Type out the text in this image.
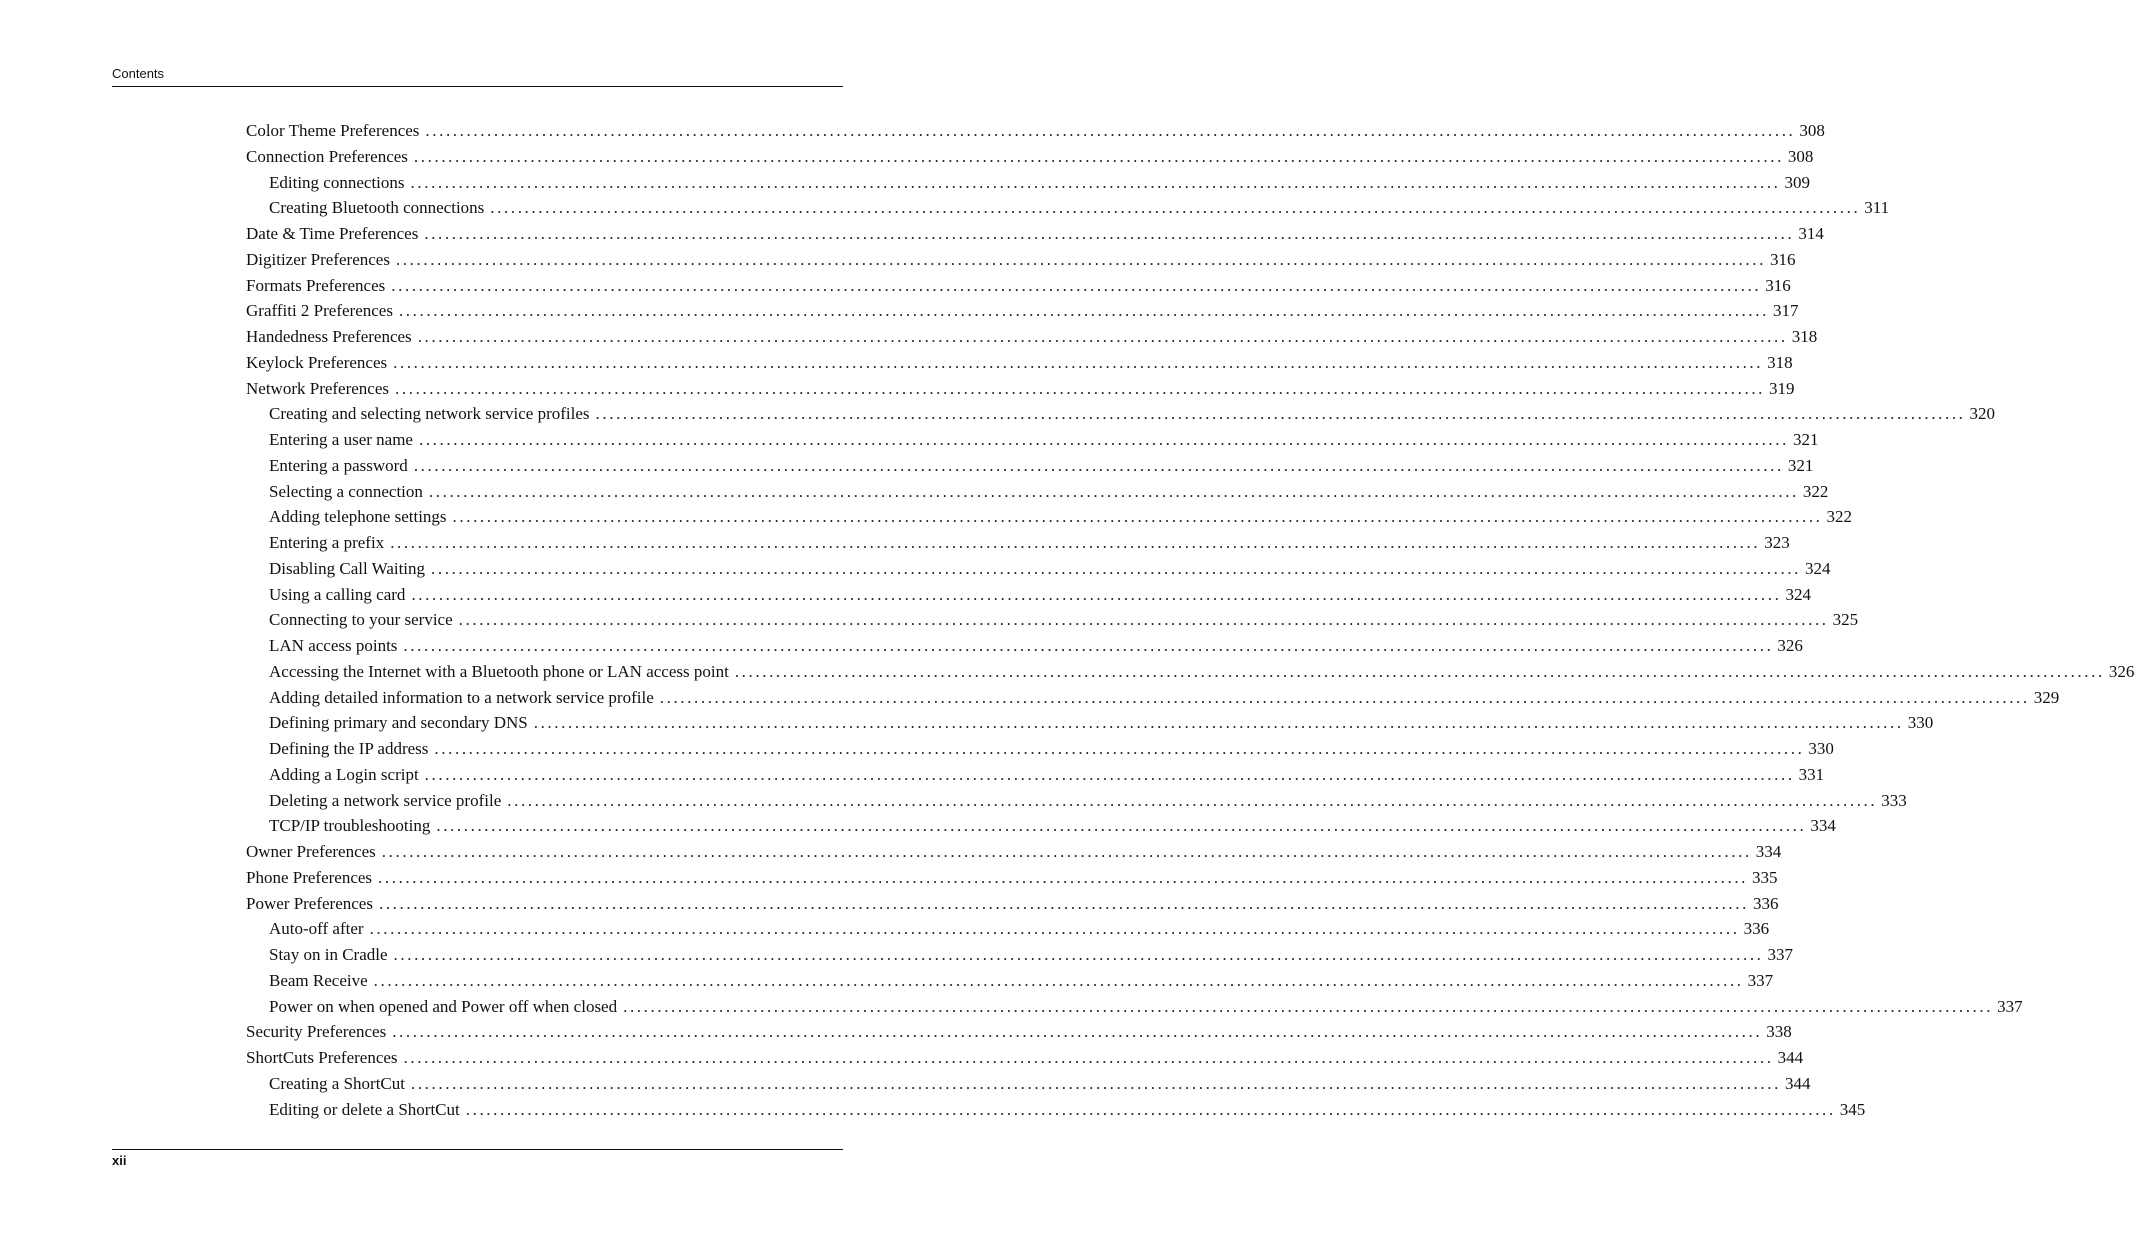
Contents
Color Theme Preferences ........................................................................................................................................................................................................ 308
Connection Preferences ........................................................................................................................................................................................................ 308
Editing connections ........................................................................................................................................................................................................ 309
Creating Bluetooth connections ........................................................................................................................................................................................................ 311
Date & Time Preferences ........................................................................................................................................................................................................ 314
Digitizer Preferences ........................................................................................................................................................................................................ 316
Formats Preferences ........................................................................................................................................................................................................ 316
Graffiti 2 Preferences ........................................................................................................................................................................................................ 317
Handedness Preferences ........................................................................................................................................................................................................ 318
Keylock Preferences ........................................................................................................................................................................................................ 318
Network Preferences ........................................................................................................................................................................................................ 319
Creating and selecting network service profiles ........................................................................................................................................................................................................ 320
Entering a user name ........................................................................................................................................................................................................ 321
Entering a password ........................................................................................................................................................................................................ 321
Selecting a connection ........................................................................................................................................................................................................ 322
Adding telephone settings ........................................................................................................................................................................................................ 322
Entering a prefix ........................................................................................................................................................................................................ 323
Disabling Call Waiting ........................................................................................................................................................................................................ 324
Using a calling card ........................................................................................................................................................................................................ 324
Connecting to your service ........................................................................................................................................................................................................ 325
LAN access points ........................................................................................................................................................................................................ 326
Accessing the Internet with a Bluetooth phone or LAN access point ........................................................................................................................................................................................................ 326
Adding detailed information to a network service profile ........................................................................................................................................................................................................ 329
Defining primary and secondary DNS ........................................................................................................................................................................................................ 330
Defining the IP address ........................................................................................................................................................................................................ 330
Adding a Login script ........................................................................................................................................................................................................ 331
Deleting a network service profile ........................................................................................................................................................................................................ 333
TCP/IP troubleshooting ........................................................................................................................................................................................................ 334
Owner Preferences ........................................................................................................................................................................................................ 334
Phone Preferences ........................................................................................................................................................................................................ 335
Power Preferences ........................................................................................................................................................................................................ 336
Auto-off after ........................................................................................................................................................................................................ 336
Stay on in Cradle ........................................................................................................................................................................................................ 337
Beam Receive ........................................................................................................................................................................................................ 337
Power on when opened and Power off when closed ........................................................................................................................................................................................................ 337
Security Preferences ........................................................................................................................................................................................................ 338
ShortCuts Preferences ........................................................................................................................................................................................................ 344
Creating a ShortCut ........................................................................................................................................................................................................ 344
Editing or delete a ShortCut ........................................................................................................................................................................................................ 345
xii
